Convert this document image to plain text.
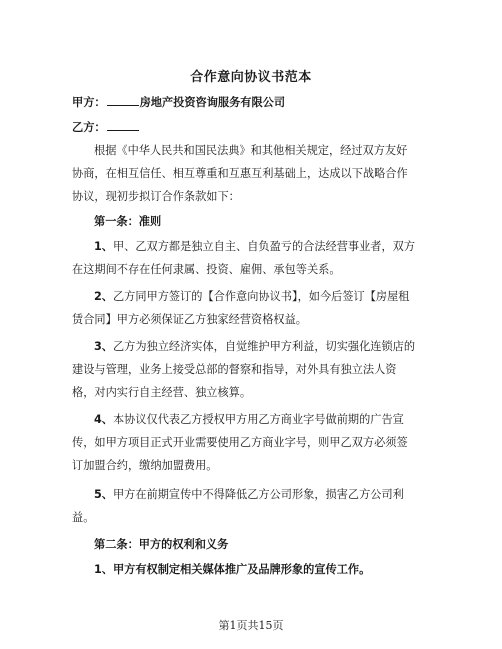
合作意向协议书范本
甲方：	房地产投资咨询服务有限公司
乙方：
根据《中华人民共和国民法典》和其他相关规定，经过双方友好
协商，在相互信任、相互尊重和互惠互利基础上，达成以下战略合作
协议，现初步拟订合作条款如下：
第一条：准则
1、甲、乙双方都是独立自主、自负盈亏的合法经营事业者，双方
在这期间不存在任何隶属、投资、雇佣、承包等关系。
2、乙方同甲方签订的【合作意向协议书】，如今后签订【房屋租
赁合同】甲方必须保证乙方独家经营资格权益。
3、乙方为独立经济实体，自觉维护甲方利益，切实强化连锁店的
建设与管理，业务上接受总部的督察和指导，对外具有独立法人资
格，对内实行自主经营、独立核算。
4、本协议仅代表乙方授权甲方用乙方商业字号做前期的广告宣
传，如甲方项目正式开业需要使用乙方商业字号，则甲乙双方必须签
订加盟合约，缴纳加盟费用。
5、甲方在前期宣传中不得降低乙方公司形象，损害乙方公司利
益。
第二条：甲方的权利和义务
1、甲方有权制定相关媒体推广及品牌形象的宣传工作。
第1页共15页
